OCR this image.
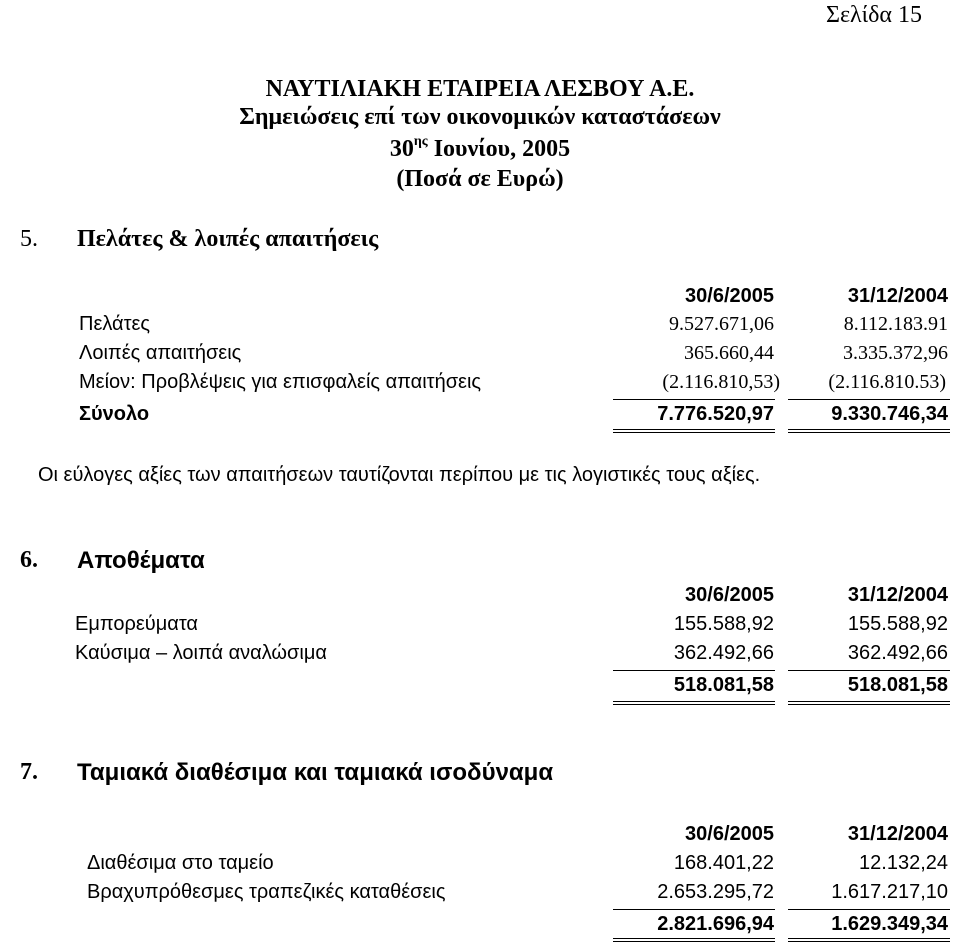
Σελίδα 15
ΝΑΥΤΙΛΙΑΚΗ ΕΤΑΙΡΕΙΑ ΛΕΣΒΟΥ Α.Ε.
Σημειώσεις επί των οικονομικών καταστάσεων
$30^{\eta\varsigma}$ Ιουνίου, 2005
(Ποσά σε Ευρώ)
5. Πελάτες & λοιπές απαιτήσεις
30/6/2005	31/12/2004
Πελάτες	9.527.671,06	8.112.183.91
Λοιπές απαιτήσεις	365.660,44	3.335.372,96
Μείον: Προβλέψεις για επισφαλείς απαιτήσεις	(2.116.810,53) (2.116.810.53)
Σύνολο	7.776.520,97	9.330.746,34
Οι εύλογες αξίες των απαιτήσεων ταυτίζονται περίπου με τις λογιστικές τους αξίες.
6. Αποθέματα
30/6/2005	31/12/2004
Εμπορεύματα	155.588,92	155.588,92
Καύσιμα – λοιπά αναλώσιμα	362.492,66	362.492,66
518.081,58	518.081,58
7. Ταμιακά διαθέσιμα και ταμιακά ισοδύναμα
30/6/2005	31/12/2004
Διαθέσιμα στο ταμείο	168.401,22	12.132,24
Βραχυπρόθεσμες τραπεζικές καταθέσεις	2.653.295,72	1.617.217,10
2.821.696,94	1.629.349,34
